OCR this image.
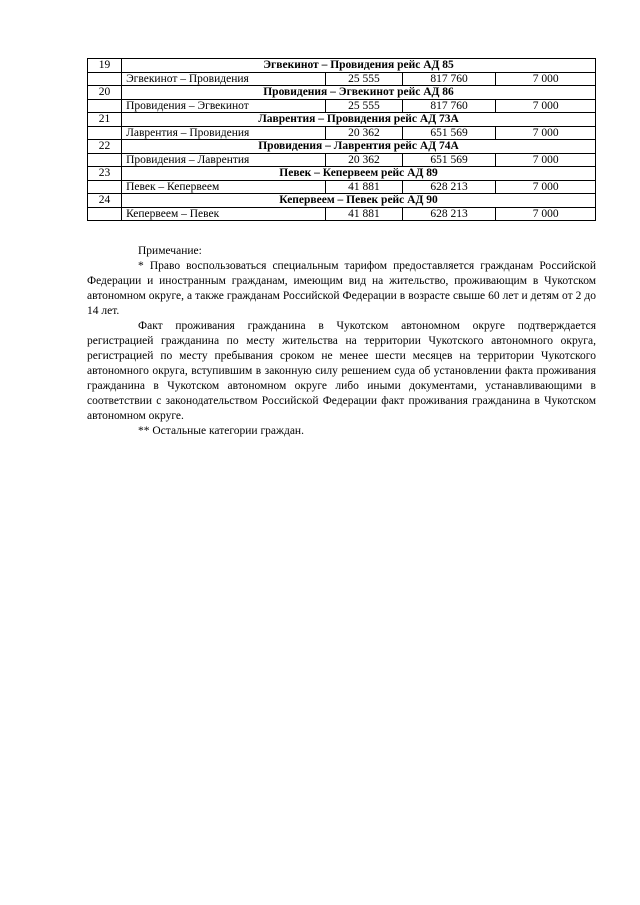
19	Эгвекинот – Провидения рейс АД 85			
	Эгвекинот – Провидения	25 555	817 760	7 000
20	Провидения – Эгвекинот рейс АД 86			
	Провидения – Эгвекинот	25 555	817 760	7 000
21	Лаврентия – Провидения рейс АД 73А			
	Лаврентия – Провидения	20 362	651 569	7 000
22	Провидения – Лаврентия рейс АД 74А			
	Провидения – Лаврентия	20 362	651 569	7 000
23	Певек – Кепервеем рейс АД 89			
	Певек – Кепервеем	41 881	628 213	7 000
24	Кепервеем – Певек рейс АД 90			
	Кепервеем – Певек	41 881	628 213	7 000

Примечание:

* Право воспользоваться специальным тарифом предоставляется гражданам Российской Федерации и иностранным гражданам, имеющим вид на жительство, проживающим в Чукотском автономном округе, а также гражданам Российской Федерации в возрасте свыше 60 лет и детям от 2 до 14 лет.

Факт проживания гражданина в Чукотском автономном округе подтверждается регистрацией гражданина по месту жительства на территории Чукотского автономного округа, регистрацией по месту пребывания сроком не менее шести месяцев на территории Чукотского автономного округа, вступившим в законную силу решением суда об установлении факта проживания гражданина в Чукотском автономном округе либо иными документами, устанавливающими в соответствии с законодательством Российской Федерации факт проживания гражданина в Чукотском автономном округе.

** Остальные категории граждан.
